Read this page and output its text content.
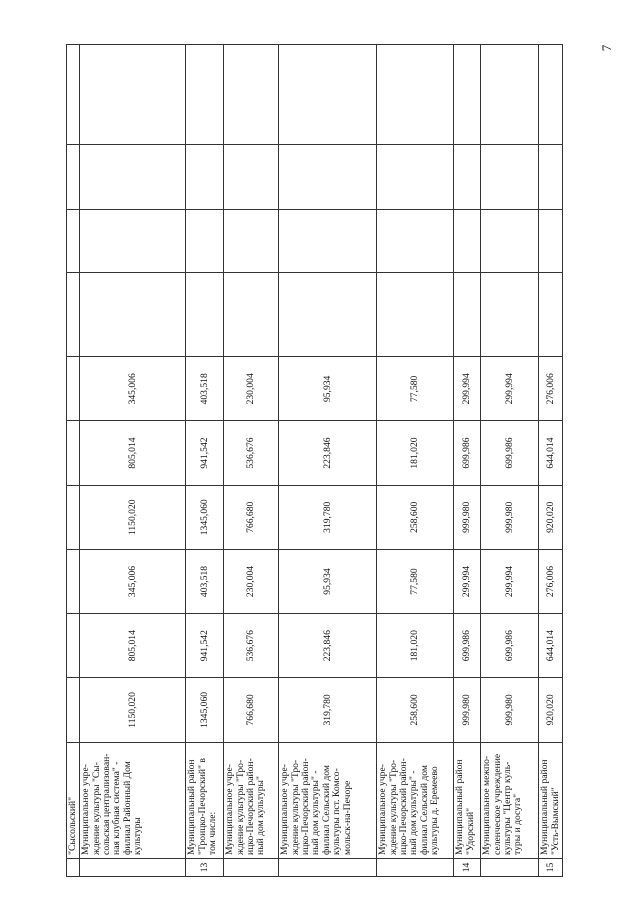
7
	"Сысольский"										
	Муниципальное учре-ждение культуры "Сы-сольская централизован-ная клубная система" - филиал Районный Дом культуры	1150,020	805,014	345,006	1150,020	805,014	345,006				
13	Муниципальный район "Троицко-Печорский" в том числе:	1345,060	941,542	403,518	1345,060	941,542	403,518				
	Муниципальное учре-ждение культуры "Тро-ицко-Печорский район-ный дом культуры"	766,680	536,676	230,004	766,680	536,676	230,004				
	Муниципальное учре-ждение культуры "Тро-ицко-Печорский район-ный дом культуры" - филиал Сельский дом культуры пст. Комсо-мольск-на-Печоре	319,780	223,846	95,934	319,780	223,846	95,934				
	Муниципальное учре-ждение культуры "Тро-ицко-Печорский район-ный дом культуры" - филиал Сельский дом культуры д. Еремеево	258,600	181,020	77,580	258,600	181,020	77,580				
14	Муниципальный район "Удорский"	999,980	699,986	299,994	999,980	699,986	299,994				
	Муниципальное межпо-селенческое учреждение культуры "Центр куль-туры и досуга"	999,980	699,986	299,994	999,980	699,986	299,994				
15	Муниципальный район "Усть-Вымский"	920,020	644,014	276,006	920,020	644,014	276,006				
